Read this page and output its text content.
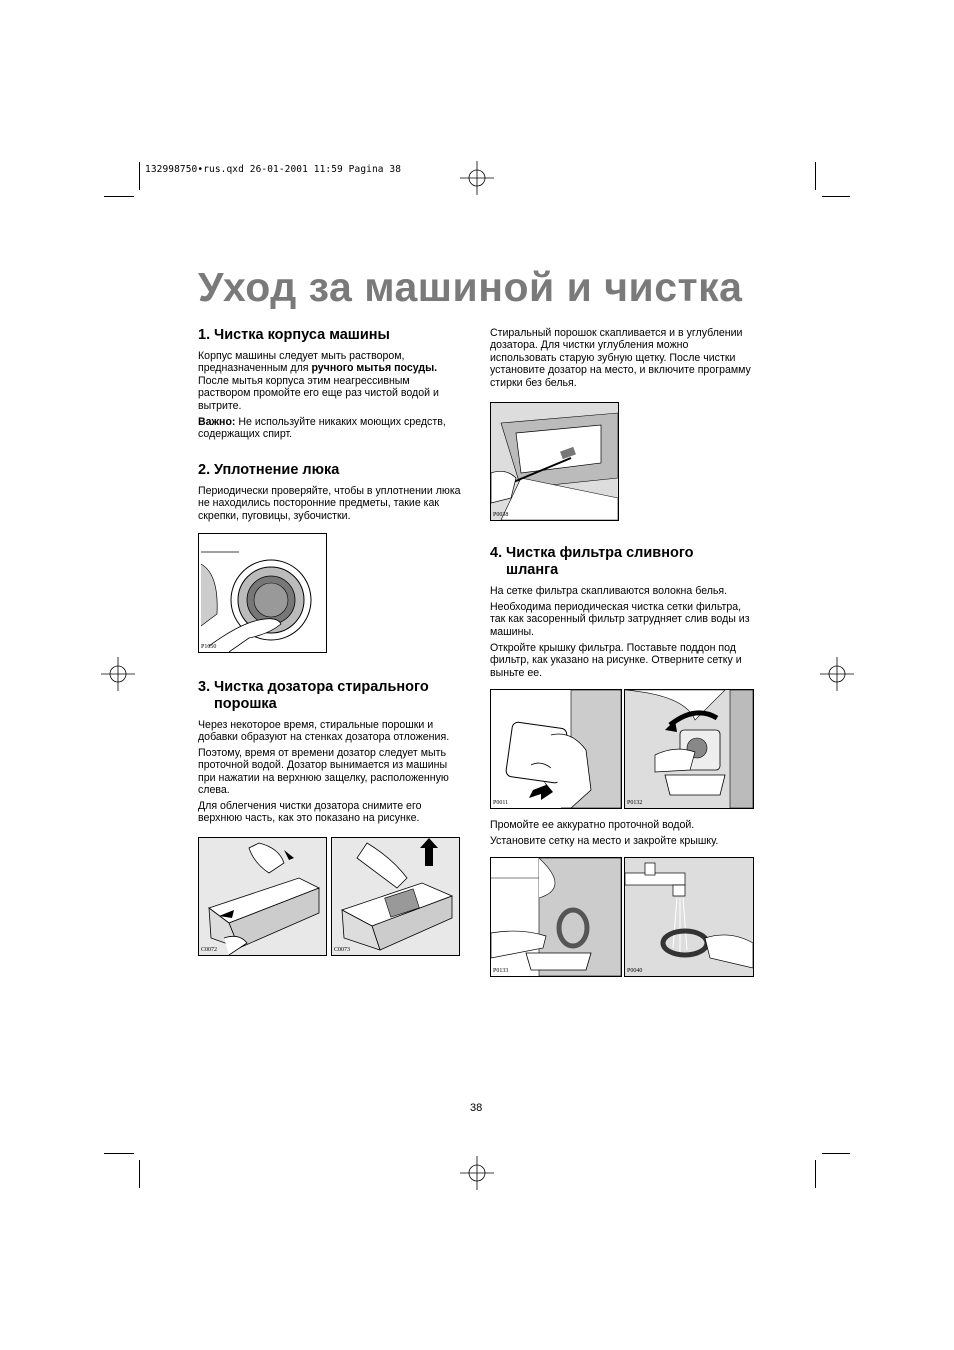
132998750•rus.qxd 26-01-2001 11:59 Pagina 38
Уход за машиной и чистка
1. Чистка корпуса машины
Корпус машины следует мыть раствором, предназначенным для ручного мытья посуды. После мытья корпуса этим неагрессивным раствором промойте его еще раз чистой водой и вытрите.
Важно: Не используйте никаких моющих средств, содержащих спирт.
2. Уплотнение люка
Периодически проверяйте, чтобы в уплотнении люка не находились посторонние предметы, такие как скрепки, пуговицы, зубочистки.
P1050
3. Чистка дозатора стирального
порошка
Через некоторое время, стиральные порошки и добавки образуют на стенках дозатора отложения.
Поэтому, время от времени дозатор следует мыть проточной водой. Дозатор вынимается из машины при нажатии на верхнюю защелку, расположенную слева.
Для облегчения чистки дозатора снимите его верхнюю часть, как это показано на рисунке.
C0072	C0073
Стиральный порошок скапливается и в углублении дозатора. Для чистки углубления можно использовать старую зубную щетку. После чистки установите дозатор на место, и включите программу стирки без белья.
P0038
4. Чистка фильтра сливного
шланга
На сетке фильтра скапливаются волокна белья.
Необходима периодическая чистка сетки фильтра, так как засоренный фильтр затрудняет слив воды из машины.
Откройте крышку фильтра. Поставьте поддон под фильтр, как указано на рисунке. Отверните сетку и выньте ее.
P0011	P0132
Промойте ее аккуратно проточной водой.
Установите сетку на место и закройте крышку.
P0133	P0040
38
